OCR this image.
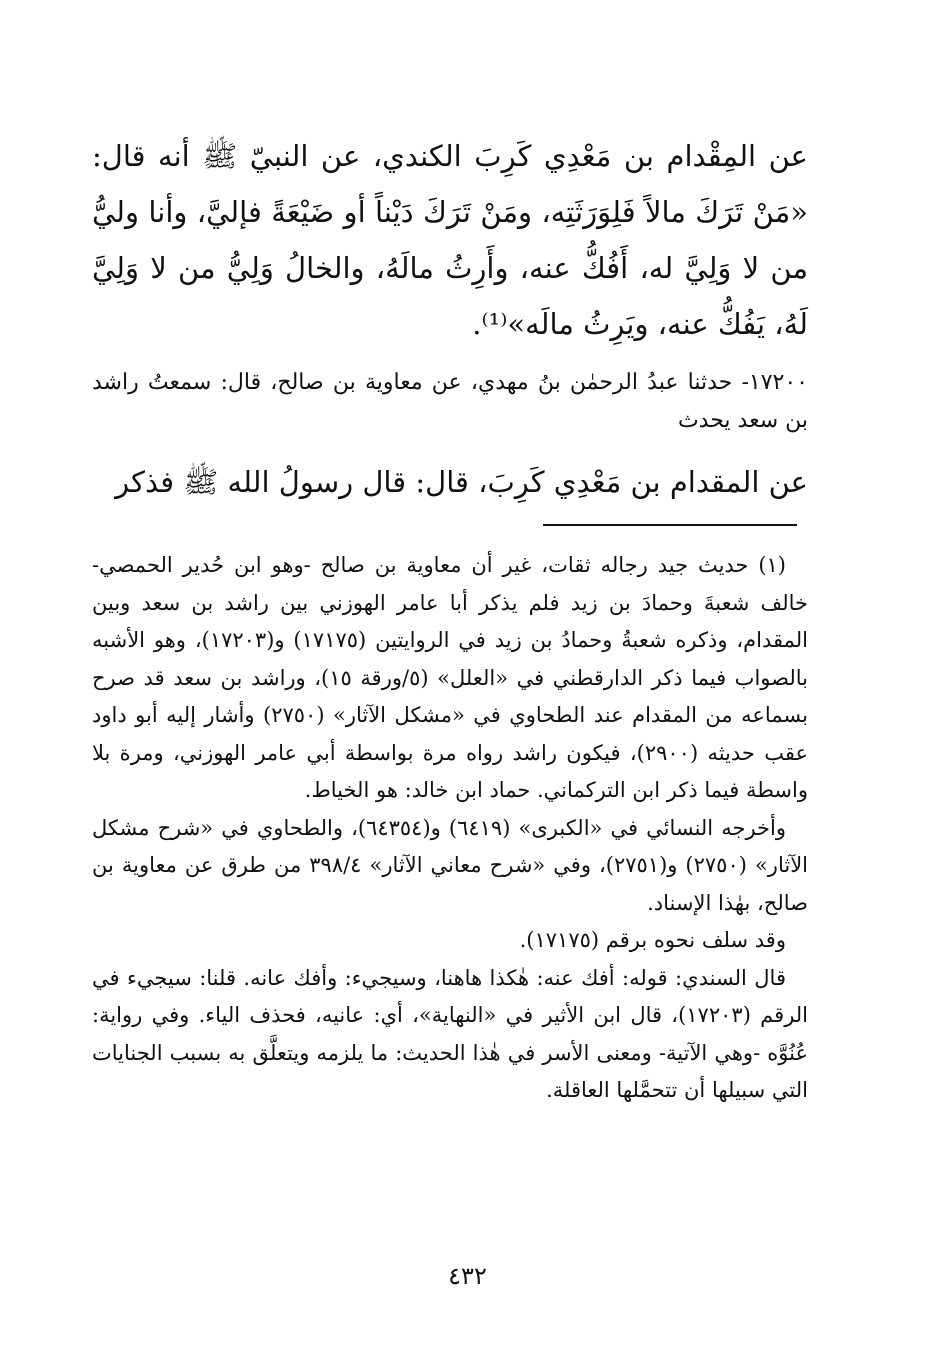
عن المِقْدام بن مَعْدِي كَرِبَ الكندي، عن النبيّ ﷺ أنه قال: «مَنْ تَرَكَ مالاً فَلِوَرَثَتِه، ومَنْ تَرَكَ دَيْناً أو ضَيْعَةً فإليَّ، وأنا وليُّ من لا وَلِيَّ له، أَفُكُّ عنه، وأَرِثُ مالَهُ، والخالُ وَلِيُّ من لا وَلِيَّ لَهُ، يَفُكُّ عنه، ويَرِثُ مالَه»⁽¹⁾.

١٧٢٠٠- حدثنا عبدُ الرحمٰن بنُ مهدي، عن معاوية بن صالح، قال: سمعتُ راشد بن سعد يحدث

عن المقدام بن مَعْدِي كَرِبَ، قال: قال رسولُ الله ﷺ فذكر

(١) حديث جيد رجاله ثقات، غير أن معاوية بن صالح -وهو ابن حُدير الحمصي- خالف شعبةَ وحمادَ بن زيد فلم يذكر أبا عامر الهوزني بين راشد بن سعد وبين المقدام، وذكره شعبةُ وحمادُ بن زيد في الروايتين (١٧١٧٥) و(١٧٢٠٣)، وهو الأشبه بالصواب فيما ذكر الدارقطني في «العلل» (٥/ورقة ١٥)، وراشد بن سعد قد صرح بسماعه من المقدام عند الطحاوي في «مشكل الآثار» (٢٧٥٠) وأشار إليه أبو داود عقب حديثه (٢٩٠٠)، فيكون راشد رواه مرة بواسطة أبي عامر الهوزني، ومرة بلا واسطة فيما ذكر ابن التركماني. حماد ابن خالد: هو الخياط.

وأخرجه النسائي في «الكبرى» (٦٤١٩) و(٦٤٣٥٤)، والطحاوي في «شرح مشكل الآثار» (٢٧٥٠) و(٢٧٥١)، وفي «شرح معاني الآثار» ٣٩٨/٤ من طرق عن معاوية بن صالح، بهٰذا الإسناد.

وقد سلف نحوه برقم (١٧١٧٥).

قال السندي: قوله: أفك عنه: هٰكذا هاهنا، وسيجيء: وأفك عانه. قلنا: سيجيء في الرقم (١٧٢٠٣)، قال ابن الأثير في «النهاية»، أي: عانيه، فحذف الياء. وفي رواية: عُنُوَّه -وهي الآتية- ومعنى الأسر في هٰذا الحديث: ما يلزمه ويتعلَّق به بسبب الجنايات التي سبيلها أن تتحمَّلها العاقلة.

٤٣٢
